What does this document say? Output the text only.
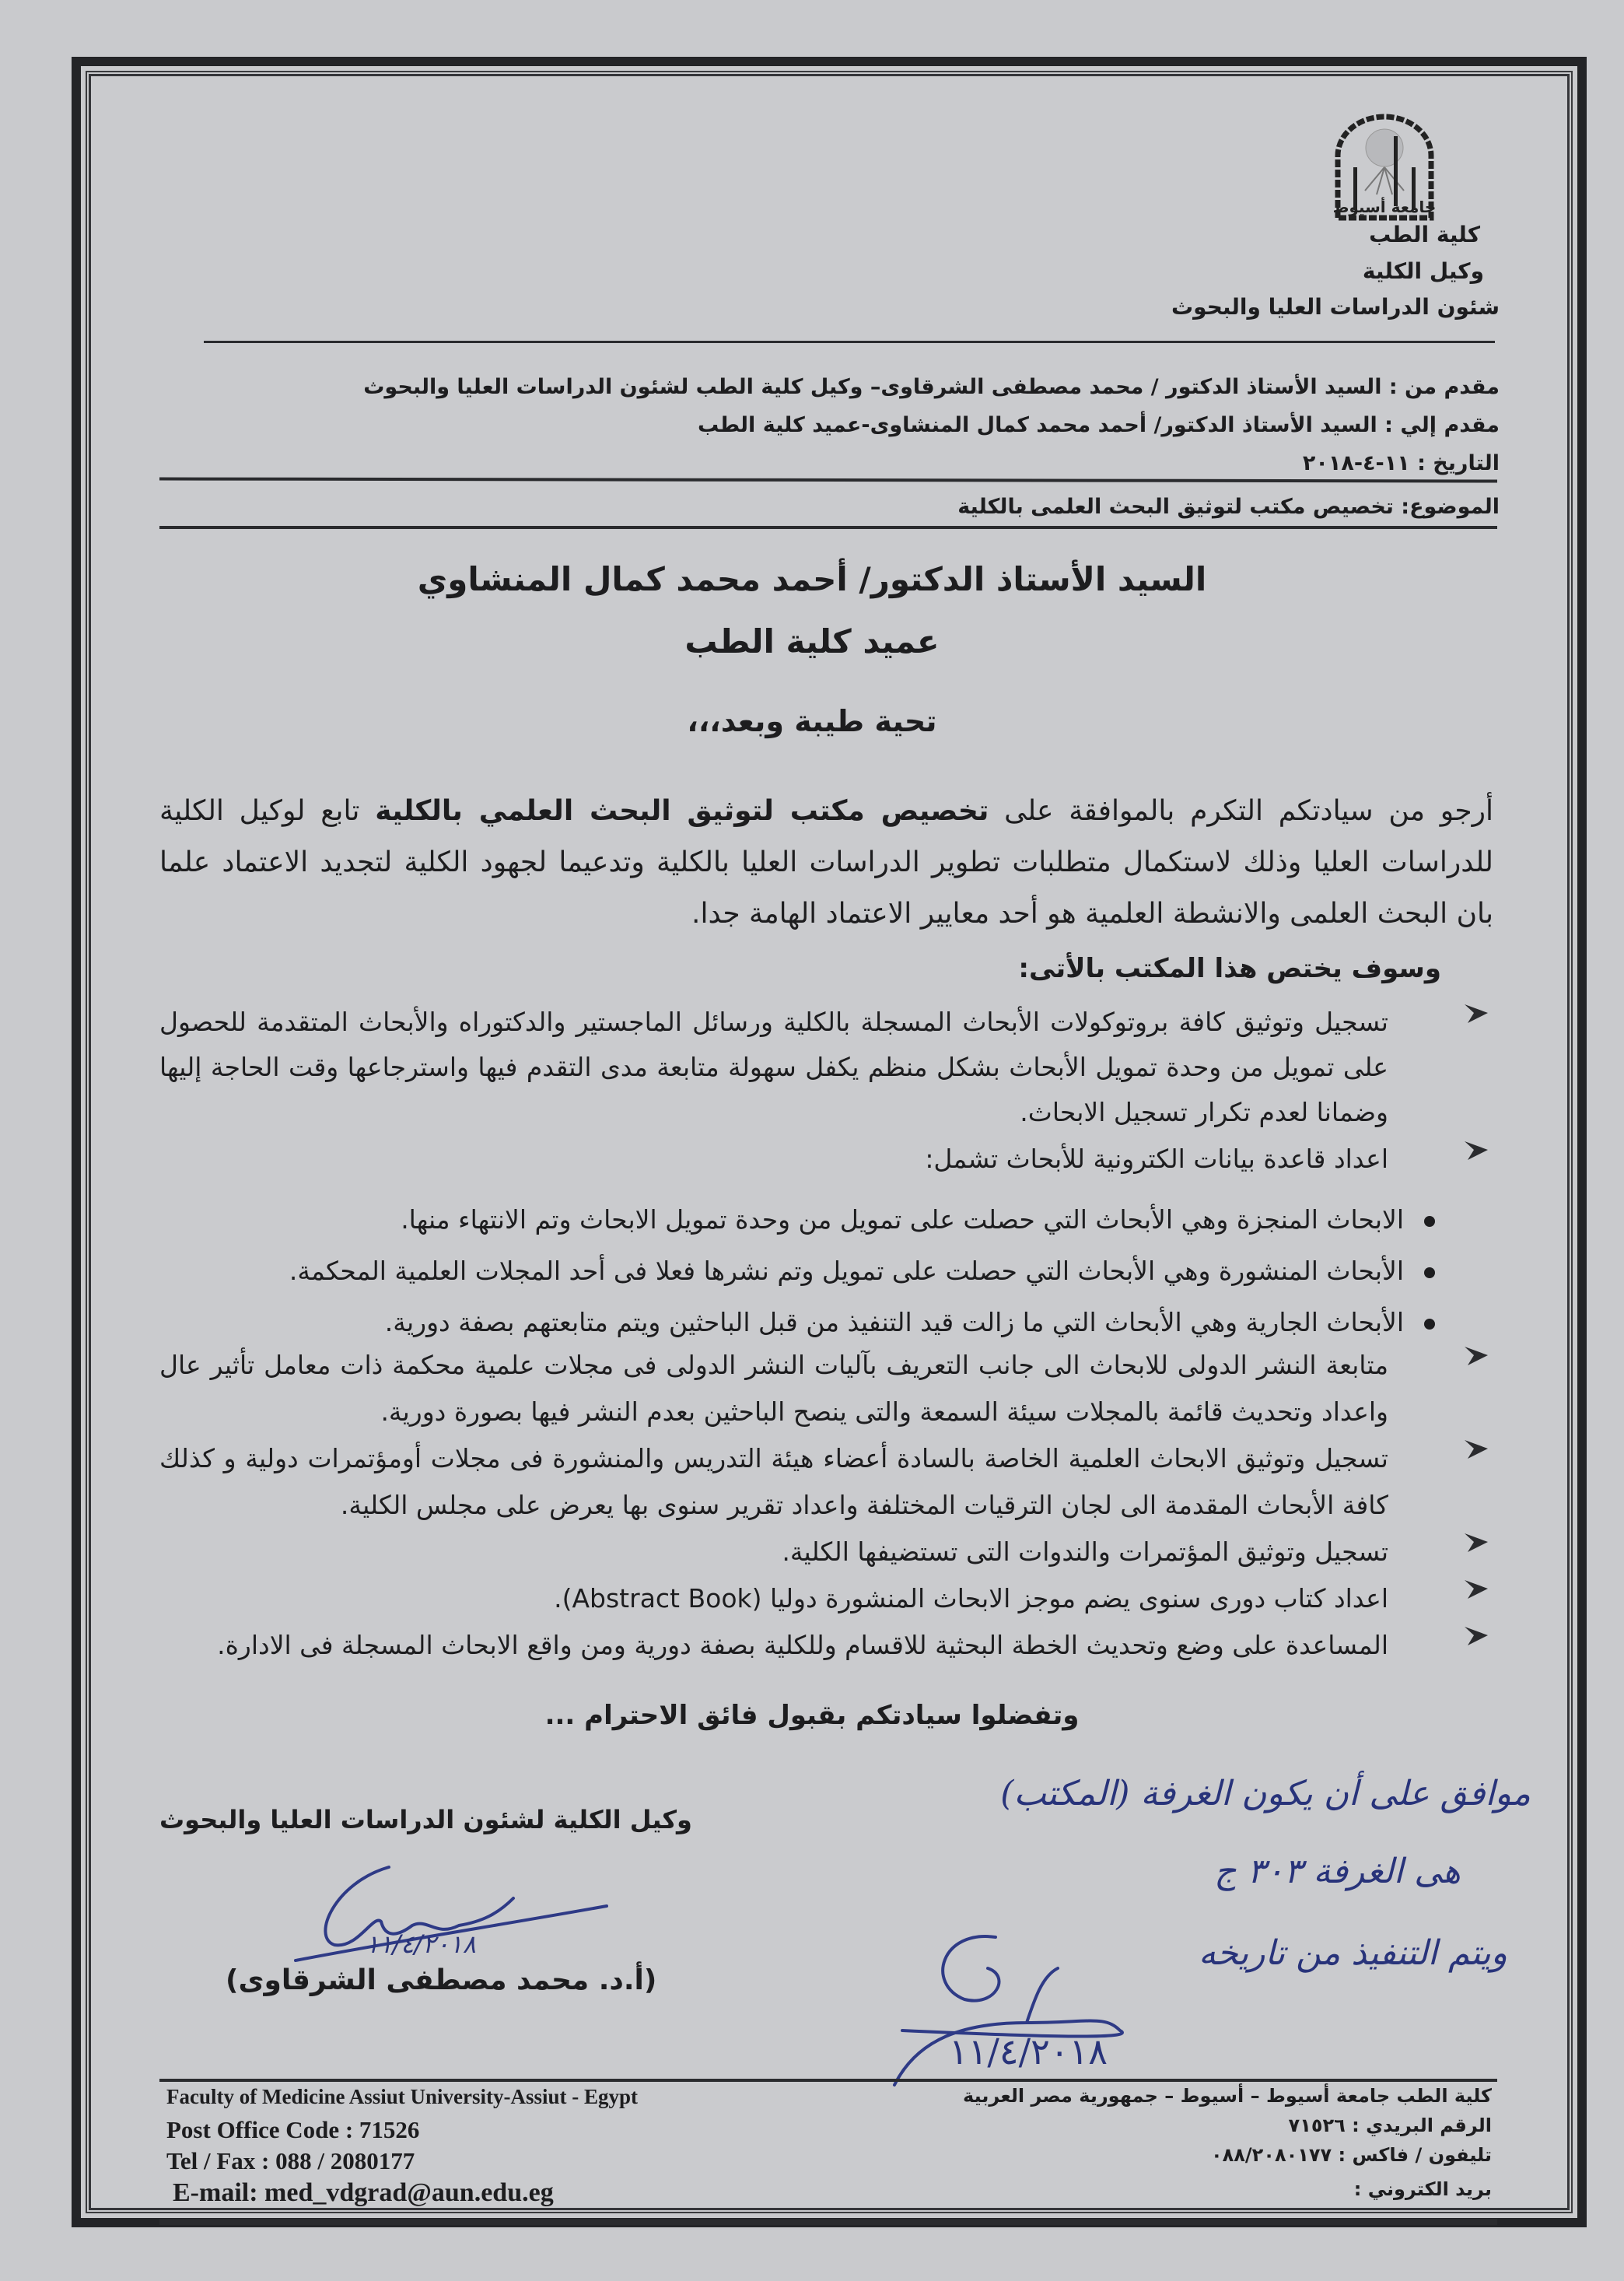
جامعة أسيوط
كلية الطب
وكيل الكلية
شئون الدراسات العليا والبحوث
مقدم من : السيد الأستاذ الدكتور / محمد مصطفى الشرقاوى– وكيل كلية الطب لشئون الدراسات العليا والبحوث
مقدم إلي : السيد الأستاذ الدكتور/ أحمد محمد كمال المنشاوى-عميد كلية الطب
التاريخ : ١١-٤-٢٠١٨
الموضوع: تخصيص مكتب لتوثيق البحث العلمى بالكلية
السيد الأستاذ الدكتور/ أحمد محمد كمال المنشاوي
عميد كلية الطب
تحية طيبة وبعد،،،
أرجو من سيادتكم التكرم بالموافقة على تخصيص مكتب لتوثيق البحث العلمي بالكلية تابع لوكيل الكلية للدراسات العليا وذلك لاستكمال متطلبات تطوير الدراسات العليا بالكلية وتدعيما لجهود الكلية لتجديد الاعتماد علما بان البحث العلمى والانشطة العلمية هو أحد معايير الاعتماد الهامة جدا.
وسوف يختص هذا المكتب بالأتى:
تسجيل وتوثيق كافة بروتوكولات الأبحاث المسجلة بالكلية ورسائل الماجستير والدكتوراه والأبحاث المتقدمة للحصول على تمويل من وحدة تمويل الأبحاث بشكل منظم يكفل سهولة متابعة مدى التقدم فيها واسترجاعها وقت الحاجة إليها وضمانا لعدم تكرار تسجيل الابحاث.
اعداد قاعدة بيانات الكترونية للأبحاث تشمل:
الابحاث المنجزة وهي الأبحاث التي حصلت على تمويل من وحدة تمويل الابحاث وتم الانتهاء منها.
الأبحاث المنشورة وهي الأبحاث التي حصلت على تمويل وتم نشرها فعلا فى أحد المجلات العلمية المحكمة.
الأبحاث الجارية وهي الأبحاث التي ما زالت قيد التنفيذ من قبل الباحثين ويتم متابعتهم بصفة دورية.
متابعة النشر الدولى للابحاث الى جانب التعريف بآليات النشر الدولى فى مجلات علمية محكمة ذات معامل تأثير عال واعداد وتحديث قائمة بالمجلات سيئة السمعة والتى ينصح الباحثين بعدم النشر فيها بصورة دورية.
تسجيل وتوثيق الابحاث العلمية الخاصة بالسادة أعضاء هيئة التدريس والمنشورة فى مجلات أومؤتمرات دولية و كذلك كافة الأبحاث المقدمة الى لجان الترقيات المختلفة واعداد تقرير سنوى بها يعرض على مجلس الكلية.
تسجيل وتوثيق المؤتمرات والندوات التى تستضيفها الكلية.
اعداد كتاب دورى سنوى يضم موجز الابحاث المنشورة دوليا (Abstract Book).
المساعدة على وضع وتحديث الخطة البحثية للاقسام وللكلية بصفة دورية ومن واقع الابحاث المسجلة فى الادارة.
وتفضلوا سيادتكم بقبول فائق الاحترام ...
وكيل الكلية لشئون الدراسات العليا والبحوث
١١/٤/٢٠١٨
(أ.د. محمد مصطفى الشرقاوى)
موافق على أن يكون الغرفة (المكتب)
هى الغرفة ٣٠٣ ج
ويتم التنفيذ من تاريخه
١١/٤/٢٠١٨
Faculty of Medicine Assiut University-Assiut - Egypt
Post Office Code : 71526
Tel / Fax : 088 / 2080177
E-mail: med_vdgrad@aun.edu.eg
كلية الطب جامعة أسيوط – أسيوط – جمهورية مصر العربية
الرقم البريدي : ٧١٥٢٦
تليفون / فاكس : ٠٨٨/٢٠٨٠١٧٧
بريد الكتروني :
